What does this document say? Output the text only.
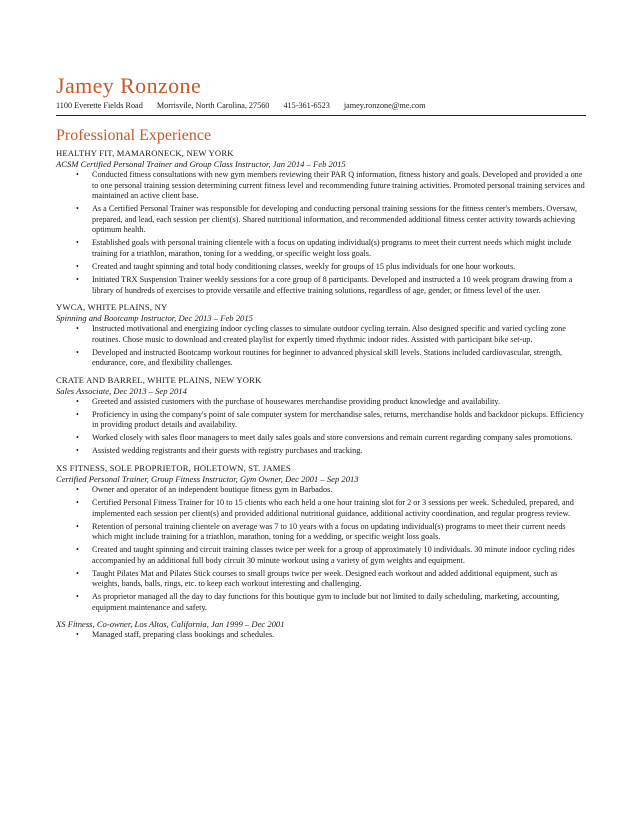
Jamey Ronzone
1100 Everette Fields Road Morrisvile, North Carolina, 27560 415-361-6523 jamey.ronzone@me.com
Professional Experience
HEALTHY FIT, MAMARONECK, NEW YORK
ACSM Certified Personal Trainer and Group Class Instructor, Jan 2014 – Feb 2015
• Conducted fitness consultations with new gym members reviewing their PAR Q information, fitness history and goals. Developed and provided a one to one personal training session determining current fitness level and recommending future training activities. Promoted personal training services and maintained an active client base.
• As a Certified Personal Trainer was responsible for developing and conducting personal training sessions for the fitness center's members. Oversaw, prepared, and lead, each session per client(s). Shared nutritional information, and recommended additional fitness center activity towards achieving optimum health.
• Established goals with personal training clientele with a focus on updating individual(s) programs to meet their current needs which might include training for a triathlon, marathon, toning for a wedding, or specific weight loss goals.
• Created and taught spinning and total body conditioning classes, weekly for groups of 15 plus individuals for one hour workouts.
• Initiated TRX Suspension Trainer weekly sessions for a core group of 8 participants. Developed and instructed a 10 week program drawing from a library of hundreds of exercises to provide versatile and effective training solutions, regardless of age, gender, or fitness level of the user.
YWCA, WHITE PLAINS, NY
Spinning and Bootcamp Instructor, Dec 2013 – Feb 2015
• Instructed motivational and energizing indoor cycling classes to simulate outdoor cycling terrain. Also designed specific and varied cycling zone routines. Chose music to download and created playlist for expertly timed rhythmic indoor rides. Assisted with participant bike set-up.
• Developed and instructed Bootcamp workout routines for beginner to advanced physical skill levels. Stations included cardiovascular, strength, endurance, core, and flexibility challenges.
CRATE AND BARREL, WHITE PLAINS, NEW YORK
Sales Associate, Dec 2013 – Sep 2014
• Greeted and assisted customers with the purchase of housewares merchandise providing product knowledge and availability.
• Proficiency in using the company's point of sale computer system for merchandise sales, returns, merchandise holds and backdoor pickups. Efficiency in providing product details and availability.
• Worked closely with sales floor managers to meet daily sales goals and store conversions and remain current regarding company sales promotions.
• Assisted wedding registrants and their guests with registry purchases and tracking.
XS FITNESS, SOLE PROPRIETOR, HOLETOWN, ST. JAMES
Certified Personal Trainer, Group Fitness Instructor, Gym Owner, Dec 2001 – Sep 2013
• Owner and operator of an independent boutique fitness gym in Barbados.
• Certified Personal Fitness Trainer for 10 to 15 clients who each held a one hour training slot for 2 or 3 sessions per week. Scheduled, prepared, and implemented each session per client(s) and provided additional nutritional guidance, additional activity coordination, and regular progress review.
• Retention of personal training clientele on average was 7 to 10 years with a focus on updating individual(s) programs to meet their current needs which might include training for a triathlon, marathon, toning for a wedding, or specific weight loss goals.
• Created and taught spinning and circuit training classes twice per week for a group of approximately 10 individuals. 30 minute indoor cycling rides accompanied by an additional full body circuit 30 minute workout using a variety of gym weights and equipment.
• Taught Pilates Mat and Pilates Stick courses to small groups twice per week. Designed each workout and added additional equipment, such as weights, bands, balls, rings, etc. to keep each workout interesting and challenging.
• As proprietor managed all the day to day functions for this boutique gym to include but not limited to daily scheduling, marketing, accounting, equipment maintenance and safety.
XS Fitness, Co-owner, Los Altos, California, Jan 1999 – Dec 2001
• Managed staff, preparing class bookings and schedules.
